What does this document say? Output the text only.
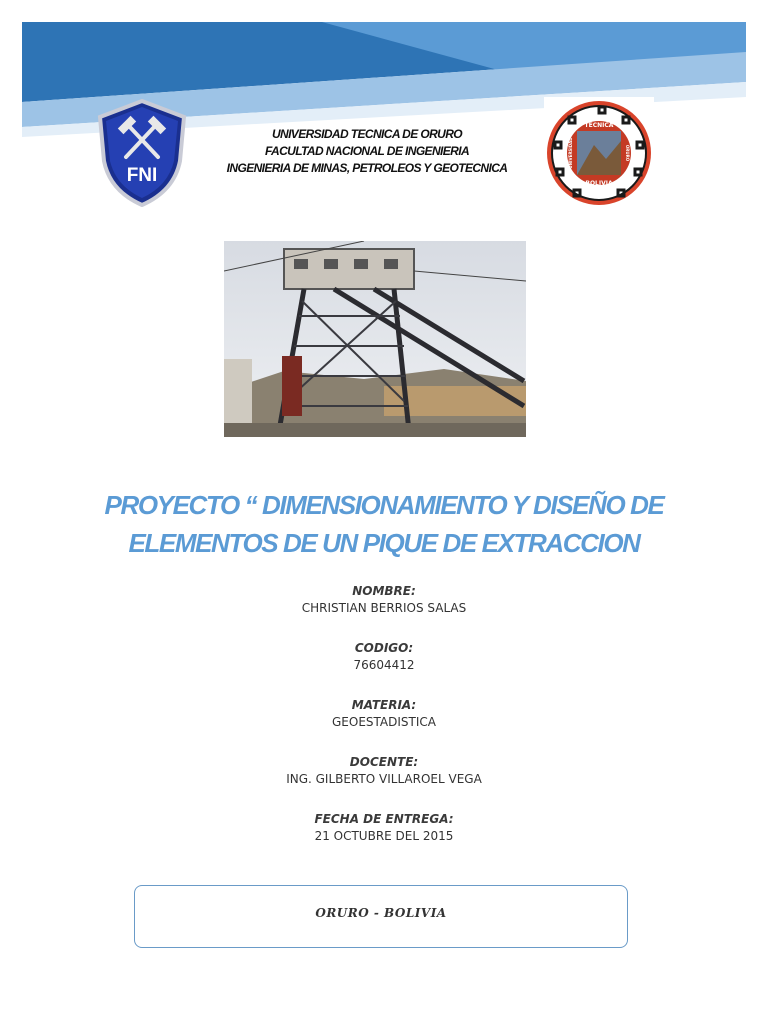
FNI
UNIVERSIDAD TECNICA DE ORURO
FACULTAD NACIONAL DE INGENIERIA
INGENIERIA DE MINAS, PETROLEOS Y GEOTECNICA
TECNICA
BOLIVIA
UNIVERSIDAD	ORURO
PROYECTO “ DIMENSIONAMIENTO Y DISEÑO DE
ELEMENTOS DE UN PIQUE DE EXTRACCION
NOMBRE:
CHRISTIAN BERRIOS SALAS
CODIGO:
76604412
MATERIA:
GEOESTADISTICA
DOCENTE:
ING. GILBERTO VILLAROEL VEGA
FECHA DE ENTREGA:
21 OCTUBRE DEL 2015
ORURO - BOLIVIA
